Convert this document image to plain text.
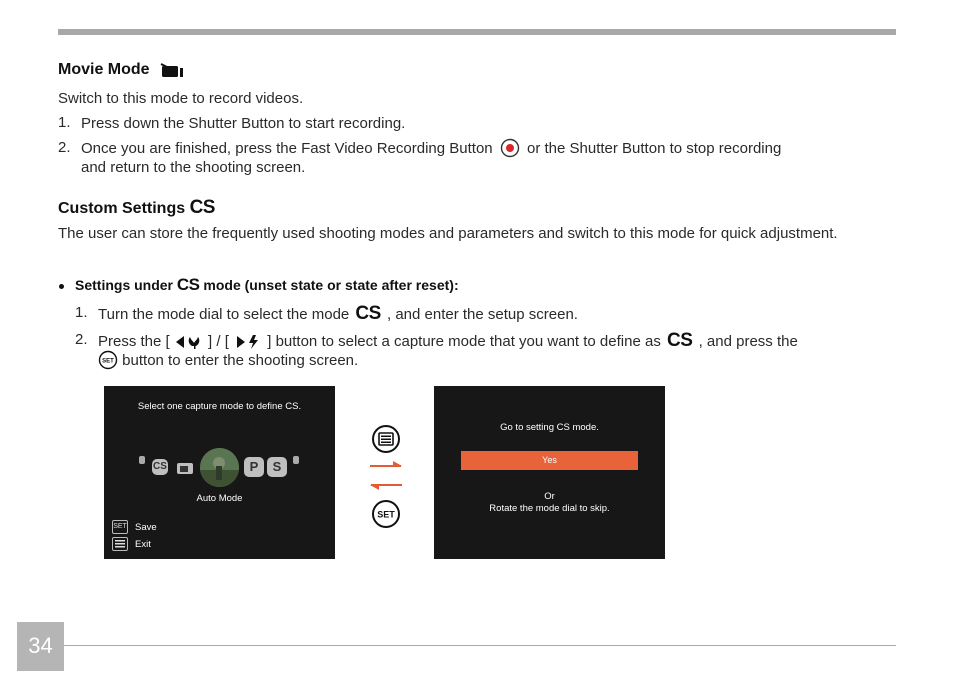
Movie Mode
Switch to this mode to record videos.
1. Press down the Shutter Button to start recording.
2. Once you are finished, press the Fast Video Recording Button or the Shutter Button to stop recording
and return to the shooting screen.
Custom Settings CS
The user can store the frequently used shooting modes and parameters and switch to this mode for quick adjustment.
Settings under CS mode (unset state or state after reset):
1. Turn the mode dial to select the mode CS , and enter the setup screen.
2. Press the [	] / [	] button to select a capture mode that you want to define as CS , and press the

SET button to enter the shooting screen.
Select one capture mode to define CS.
CS	P	S
Auto Mode
SET Save
Exit
SET
Go to setting CS mode.
Yes
Or
Rotate the mode dial to skip.
34
